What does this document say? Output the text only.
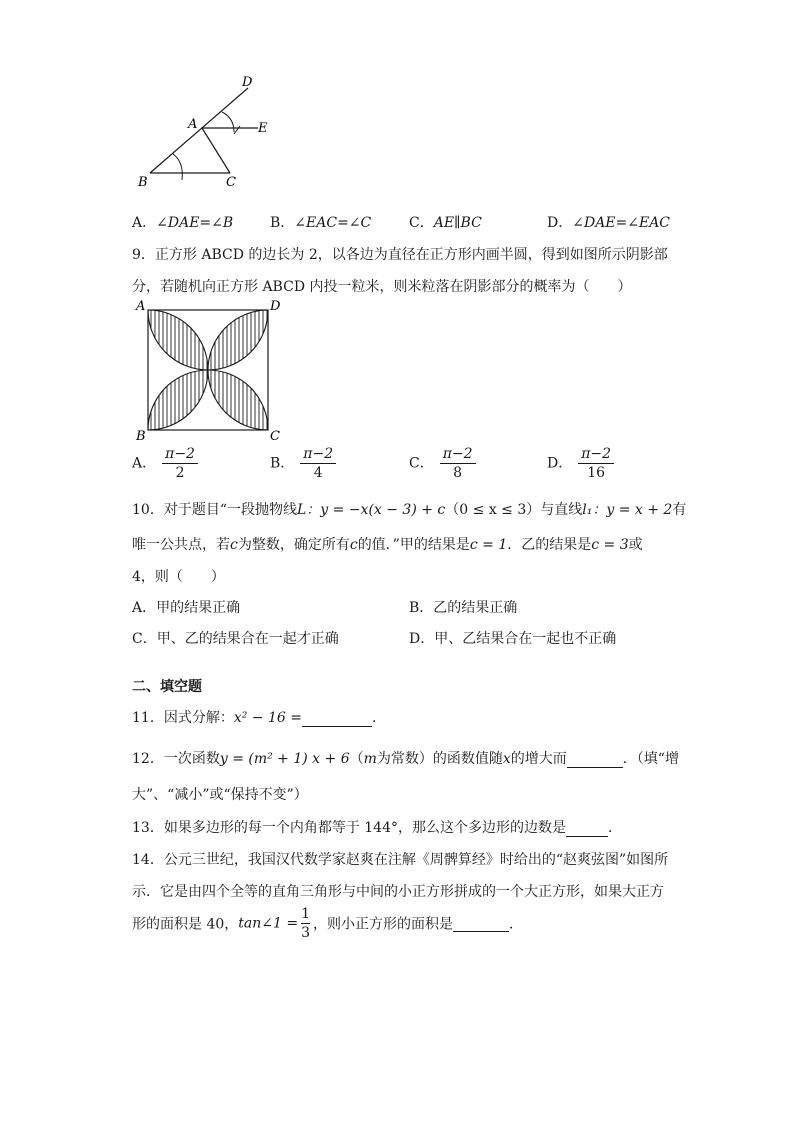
D
A	E
B	C
A．∠DAE=∠B	B．∠EAC=∠C	C．AE∥BC	D．∠DAE=∠EAC
9．正方形 ABCD 的边长为 2，以各边为直径在正方形内画半圆，得到如图所示阴影部
分，若随机向正方形 ABCD 内投一粒米，则米粒落在阴影部分的概率为（　　）
A	D
B	C
A． $\frac{\pi-2}{2}$	B． $\frac{\pi-2}{4}$	C． $\frac{\pi-2}{8}$	D． $\frac{\pi-2}{16}$
10．对于题目“一段抛物线L：y = −x(x − 3) + c（0 ≤ x ≤ 3）与直线l₁：y = x + 2有
唯一公共点，若c为整数，确定所有c的值．”甲的结果是c = 1．乙的结果是c = 3或
4，则（　　）
A．甲的结果正确	B．乙的结果正确
C．甲、乙的结果合在一起才正确	D．甲、乙结果合在一起也不正确
二、填空题
11．因式分解：x² − 16 =	．
12．一次函数y = (m² + 1) x + 6（m为常数）的函数值随x的增大而	．（填“增
大”、“减小”或“保持不变”）
13．如果多边形的每一个内角都等于 144°，那么这个多边形的边数是	．
14．公元三世纪，我国汉代数学家赵爽在注解《周髀算经》时给出的“赵爽弦图”如图所
示．它是由四个全等的直角三角形与中间的小正方形拼成的一个大正方形，如果大正方
形的面积是 40，tan∠1 = $\frac{1}{3}$ ，则小正方形的面积是	．
